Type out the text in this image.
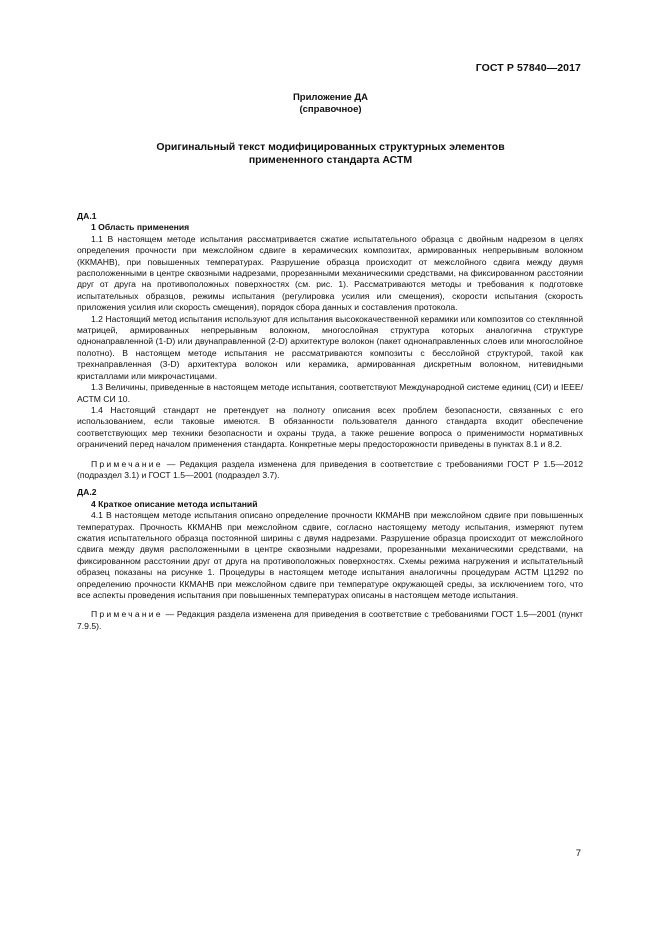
ГОСТ Р 57840—2017
Приложение ДА
(справочное)
Оригинальный текст модифицированных структурных элементов
примененного стандарта АСТМ

ДА.1

1 Область применения

1.1 В настоящем методе испытания рассматривается сжатие испытательного образца с двойным надрезом в целях определения прочности при межслойном сдвиге в керамических композитах, армированных непрерывным волокном (ККМАНВ), при повышенных температурах. Разрушение образца происходит от межслойного сдвига между двумя расположенными в центре сквозными надрезами, прорезанными механическими средствами, на фиксированном расстоянии друг от друга на противоположных поверхностях (см. рис. 1). Рассматриваются методы и требования к подготовке испытательных образцов, режимы испытания (регулировка усилия или смещения), скорости испытания (скорость приложения усилия или скорость смещения), порядок сбора данных и составления протокола.

1.2 Настоящий метод испытания используют для испытания высококачественной керамики или композитов со стеклянной матрицей, армированных непрерывным волокном, многослойная структура которых аналогична структуре однонаправленной (1-D) или двунаправленной (2-D) архитектуре волокон (пакет однонаправленных слоев или многослойное полотно). В настоящем методе испытания не рассматриваются композиты с бесслойной структурой, такой как трехнаправленная (3-D) архитектура волокон или керамика, армированная дискретным волокном, нитевидными кристаллами или микрочастицами.

1.3 Величины, приведенные в настоящем методе испытания, соответствуют Международной системе единиц (СИ) и IEEE/АСТМ СИ 10.

1.4 Настоящий стандарт не претендует на полноту описания всех проблем безопасности, связанных с его использованием, если таковые имеются. В обязанности пользователя данного стандарта входит обеспечение соответствующих мер техники безопасности и охраны труда, а также решение вопроса о применимости нормативных ограничений перед началом применения стандарта. Конкретные меры предосторожности приведены в пунктах 8.1 и 8.2.

Примечание — Редакция раздела изменена для приведения в соответствие с требованиями ГОСТ Р 1.5—2012 (подраздел 3.1) и ГОСТ 1.5—2001 (подраздел 3.7).

ДА.2

4 Краткое описание метода испытаний

4.1 В настоящем методе испытания описано определение прочности ККМАНВ при межслойном сдвиге при повышенных температурах. Прочность ККМАНВ при межслойном сдвиге, согласно настоящему методу испытания, измеряют путем сжатия испытательного образца постоянной ширины с двумя надрезами. Разрушение образца происходит от межслойного сдвига между двумя расположенными в центре сквозными надрезами, прорезанными механическими средствами, на фиксированном расстоянии друг от друга на противоположных поверхностях. Схемы режима нагружения и испытательный образец показаны на рисунке 1. Процедуры в настоящем методе испытания аналогичны процедурам АСТМ Ц1292 по определению прочности ККМАНВ при межслойном сдвиге при температуре окружающей среды, за исключением того, что все аспекты проведения испытания при повышенных температурах описаны в настоящем методе испытания.

Примечание — Редакция раздела изменена для приведения в соответствие с требованиями ГОСТ 1.5—2001 (пункт 7.9.5).

7
